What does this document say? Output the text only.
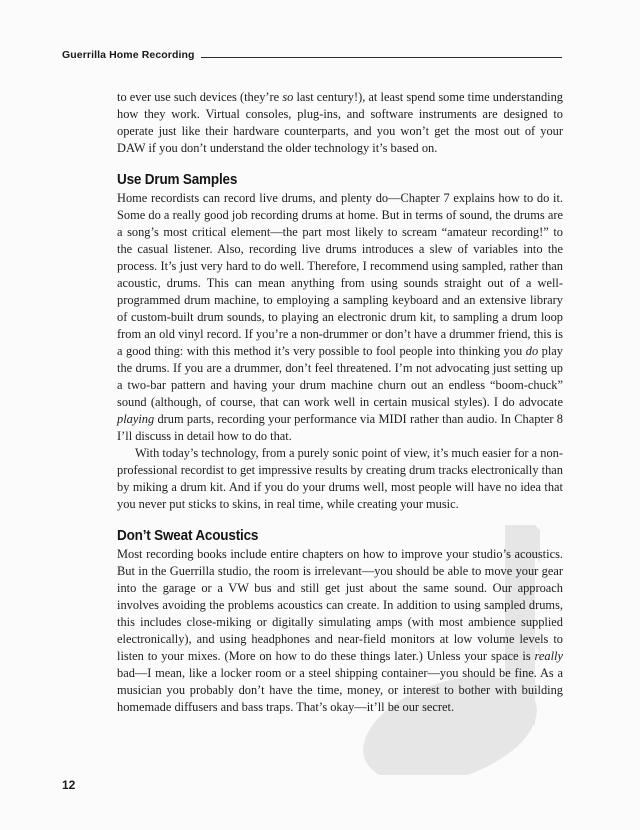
Guerrilla Home Recording

to ever use such devices (they’re so last century!), at least spend some time understanding how they work. Virtual consoles, plug-ins, and software instruments are designed to operate just like their hardware counterparts, and you won’t get the most out of your DAW if you don’t understand the older technology it’s based on.

Use Drum Samples

Home recordists can record live drums, and plenty do—Chapter 7 explains how to do it. Some do a really good job recording drums at home. But in terms of sound, the drums are a song’s most critical element—the part most likely to scream “amateur recording!” to the casual listener. Also, recording live drums introduces a slew of variables into the process. It’s just very hard to do well. Therefore, I recommend using sampled, rather than acoustic, drums. This can mean anything from using sounds straight out of a well-programmed drum machine, to employing a sampling keyboard and an extensive library of custom-built drum sounds, to playing an electronic drum kit, to sampling a drum loop from an old vinyl record. If you’re a non-drummer or don’t have a drummer friend, this is a good thing: with this method it’s very possible to fool people into thinking you do play the drums. If you are a drummer, don’t feel threatened. I’m not advocating just setting up a two-bar pattern and having your drum machine churn out an endless “boom-chuck” sound (although, of course, that can work well in certain musical styles). I do advocate playing drum parts, recording your performance via MIDI rather than audio. In Chapter 8 I’ll discuss in detail how to do that.

With today’s technology, from a purely sonic point of view, it’s much easier for a non-professional recordist to get impressive results by creating drum tracks electronically than by miking a drum kit. And if you do your drums well, most people will have no idea that you never put sticks to skins, in real time, while creating your music.

Don’t Sweat Acoustics

Most recording books include entire chapters on how to improve your studio’s acoustics. But in the Guerrilla studio, the room is irrelevant—you should be able to move your gear into the garage or a VW bus and still get just about the same sound. Our approach involves avoiding the problems acoustics can create. In addition to using sampled drums, this includes close-miking or digitally simulating amps (with most ambience supplied electronically), and using headphones and near-field monitors at low volume levels to listen to your mixes. (More on how to do these things later.) Unless your space is really bad—I mean, like a locker room or a steel shipping container—you should be fine. As a musician you probably don’t have the time, money, or interest to bother with building homemade diffusers and bass traps. That’s okay—it’ll be our secret.

12
